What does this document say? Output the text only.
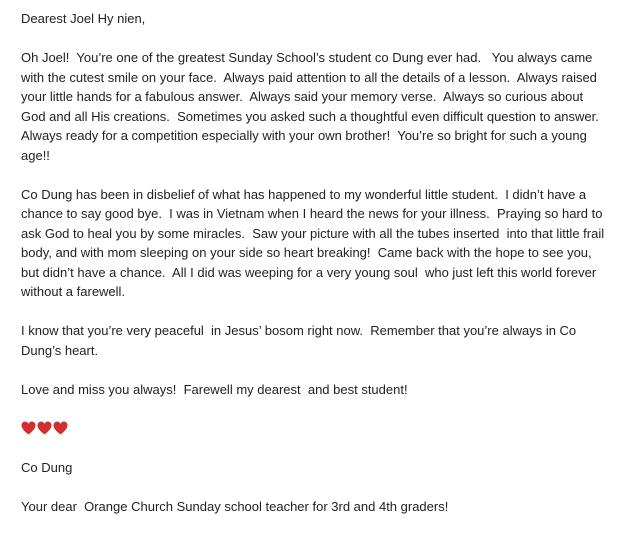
Dearest Joel Hy nien,

Oh Joel!  You’re one of the greatest Sunday School’s student co Dung ever had.   You always came with the cutest smile on your face.  Always paid attention to all the details of a lesson.  Always raised your little hands for a fabulous answer.  Always said your memory verse.  Always so curious about God and all His creations.  Sometimes you asked such a thoughtful even difficult question to answer.  Always ready for a competition especially with your own brother!  You’re so bright for such a young age!!

Co Dung has been in disbelief of what has happened to my wonderful little student.  I didn’t have a chance to say good bye.  I was in Vietnam when I heard the news for your illness.  Praying so hard to ask God to heal you by some miracles.  Saw your picture with all the tubes inserted  into that little frail body, and with mom sleeping on your side so heart breaking!  Came back with the hope to see you, but didn’t have a chance.  All I did was weeping for a very young soul  who just left this world forever without a farewell.

I know that you’re very peaceful  in Jesus’ bosom right now.  Remember that you’re always in Co Dung’s heart.

Love and miss you always!  Farewell my dearest  and best student!

Co Dung

Your dear  Orange Church Sunday school teacher for 3rd and 4th graders!
